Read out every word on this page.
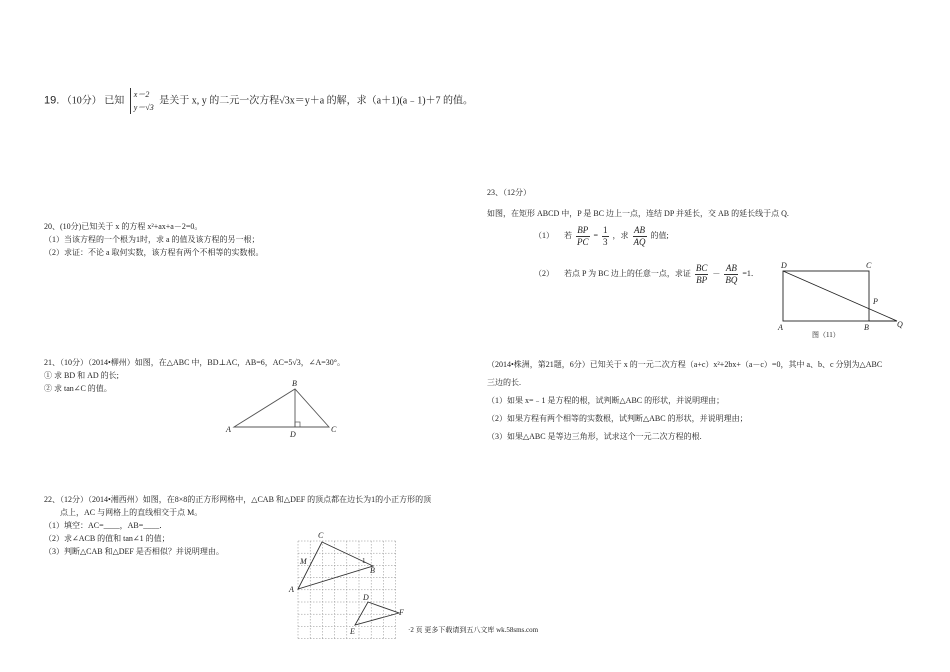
19. （10分） 已知
x＝2
y＝√3
是关于 x, y 的二元一次方程√3x＝y＋a 的解，求（a＋1)(a﹣1)＋7 的值。
20、(10分)已知关于 x 的方程 x²+ax+a－2=0。
（1）当该方程的一个根为1时，求 a 的值及该方程的另一根；
（2）求证：不论 a 取何实数，该方程有两个不相等的实数根。
21、（10分）（2014•柳州）如图，在△ABC 中，BD⊥AC，AB=6，AC=5√3，∠A=30°。
① 求 BD 和 AD 的长;
② 求 tan∠C 的值。
A
B
C
D
22、（12分）（2014•湘西州）如图，在8×8的正方形网格中，△CAB 和△DEF 的顶点都在边长为1的小正方形的顶
点上，AC 与网格上的直线相交于点 M。
（1）填空：AC=____，AB=____．
（2）求∠ACB 的值和 tan∠1 的值；
（3）判断△CAB 和△DEF 是否相似？并说明理由。
C
M
A
B
1
D
F
E
23、（12分）
如图，在矩形 ABCD 中，P 是 BC 边上一点，连结 DP 并延长，交 AB 的延长线于点 Q.
（1） 若 $\frac{BP}{PC} = \frac{1}{3}$ ，求 $\frac{AB}{AQ}$ 的值;
（2） 若点 P 为 BC 边上的任意一点，求证 $\frac{BC}{BP} - \frac{AB}{BQ} =1$．
D	C
P
A	B	Q
图（11）
（2014•株洲，第21题，6分）已知关于 x 的一元二次方程（a+c）x²+2bx+（a－c）=0，其中 a、b、c 分别为△ABC
三边的长.
（1）如果 x=﹣1 是方程的根，试判断△ABC 的形状，并说明理由；
（2）如果方程有两个相等的实数根，试判断△ABC 的形状，并说明理由；
（3）如果△ABC 是等边三角形，试求这个一元二次方程的根.
·2 页 更多下载请到五八文库 wk.58sms.com
